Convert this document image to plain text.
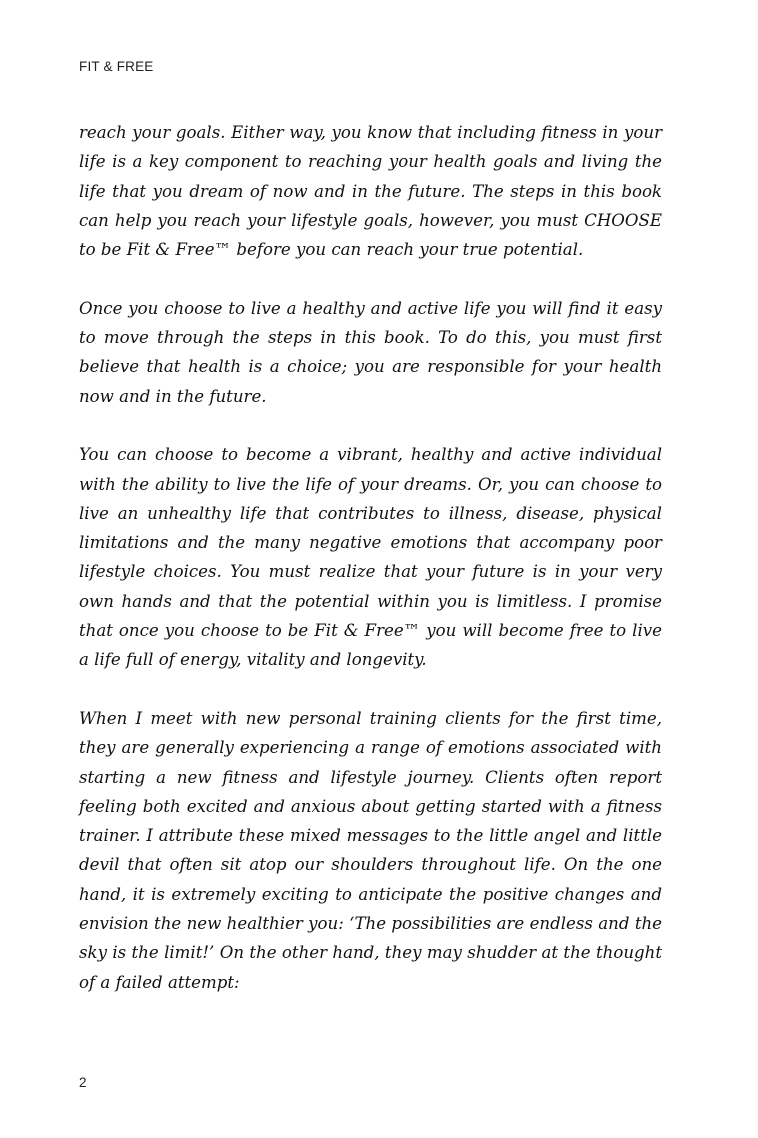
FIT & FREE

reach your goals. Either way, you know that including fitness in your life is a key component to reaching your health goals and living the life that you dream of now and in the future. The steps in this book can help you reach your lifestyle goals, however, you must CHOOSE to be Fit & Free™ before you can reach your true potential.

Once you choose to live a healthy and active life you will find it easy to move through the steps in this book. To do this, you must first believe that health is a choice; you are responsible for your health now and in the future.

You can choose to become a vibrant, healthy and active individual with the ability to live the life of your dreams. Or, you can choose to live an unhealthy life that contributes to illness, disease, physical limitations and the many negative emotions that accompany poor lifestyle choices. You must realize that your future is in your very own hands and that the potential within you is limitless. I promise that once you choose to be Fit & Free™ you will become free to live a life full of energy, vitality and longevity.

When I meet with new personal training clients for the first time, they are generally experiencing a range of emotions associated with starting a new fitness and lifestyle journey. Clients often report feeling both excited and anxious about getting started with a fitness trainer. I attribute these mixed messages to the little angel and little devil that often sit atop our shoulders throughout life. On the one hand, it is extremely exciting to anticipate the positive changes and envision the new healthier you: ‘The possibilities are endless and the sky is the limit!’ On the other hand, they may shudder at the thought of a failed attempt:

2
